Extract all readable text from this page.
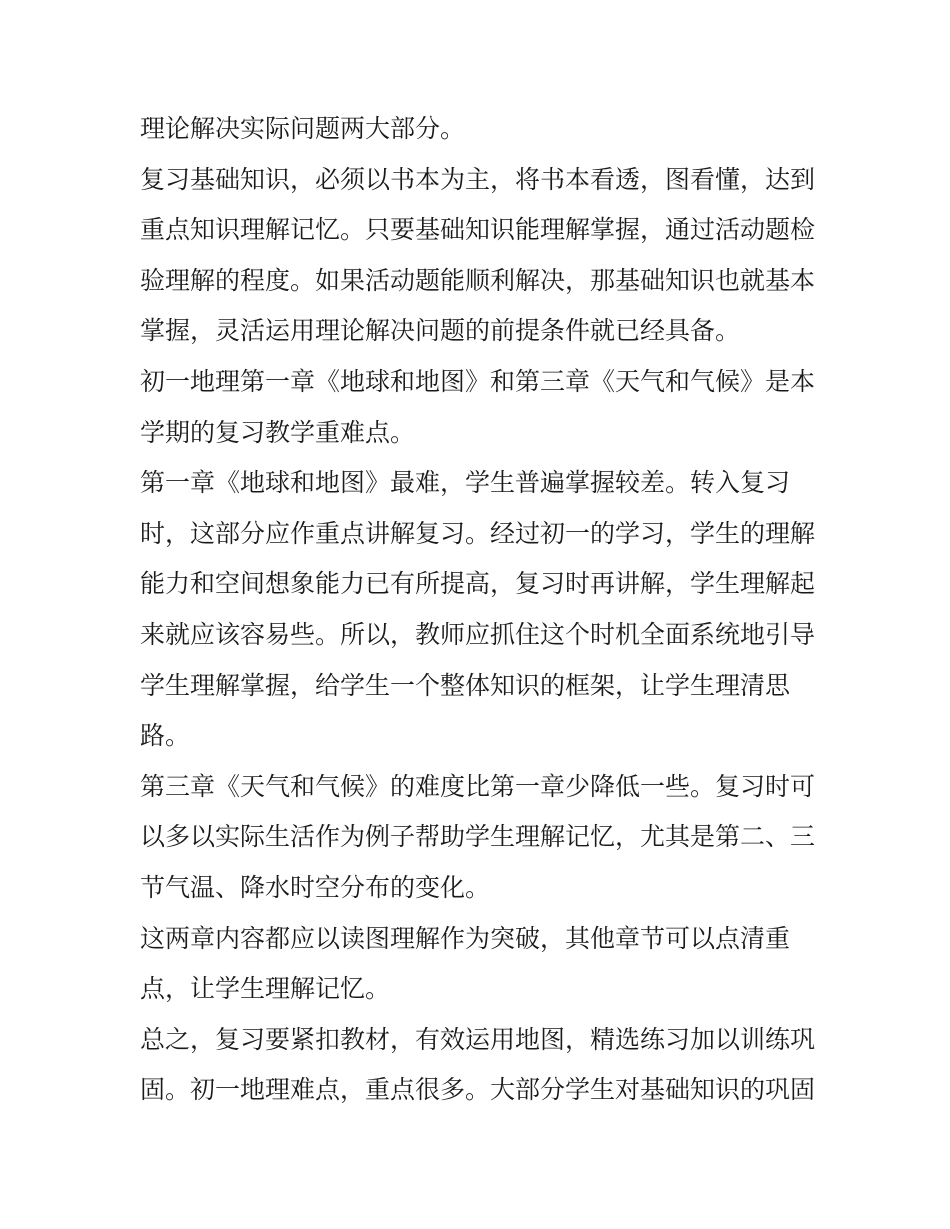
理论解决实际问题两大部分。
复习基础知识，必须以书本为主，将书本看透，图看懂，达到
重点知识理解记忆。只要基础知识能理解掌握，通过活动题检
验理解的程度。如果活动题能顺利解决，那基础知识也就基本
掌握，灵活运用理论解决问题的前提条件就已经具备。
初一地理第一章《地球和地图》和第三章《天气和气候》是本
学期的复习教学重难点。
第一章《地球和地图》最难，学生普遍掌握较差。转入复习
时，这部分应作重点讲解复习。经过初一的学习，学生的理解
能力和空间想象能力已有所提高，复习时再讲解，学生理解起
来就应该容易些。所以，教师应抓住这个时机全面系统地引导
学生理解掌握，给学生一个整体知识的框架，让学生理清思
路。
第三章《天气和气候》的难度比第一章少降低一些。复习时可
以多以实际生活作为例子帮助学生理解记忆，尤其是第二、三
节气温、降水时空分布的变化。
这两章内容都应以读图理解作为突破，其他章节可以点清重
点，让学生理解记忆。
总之，复习要紧扣教材，有效运用地图，精选练习加以训练巩
固。初一地理难点，重点很多。大部分学生对基础知识的巩固
